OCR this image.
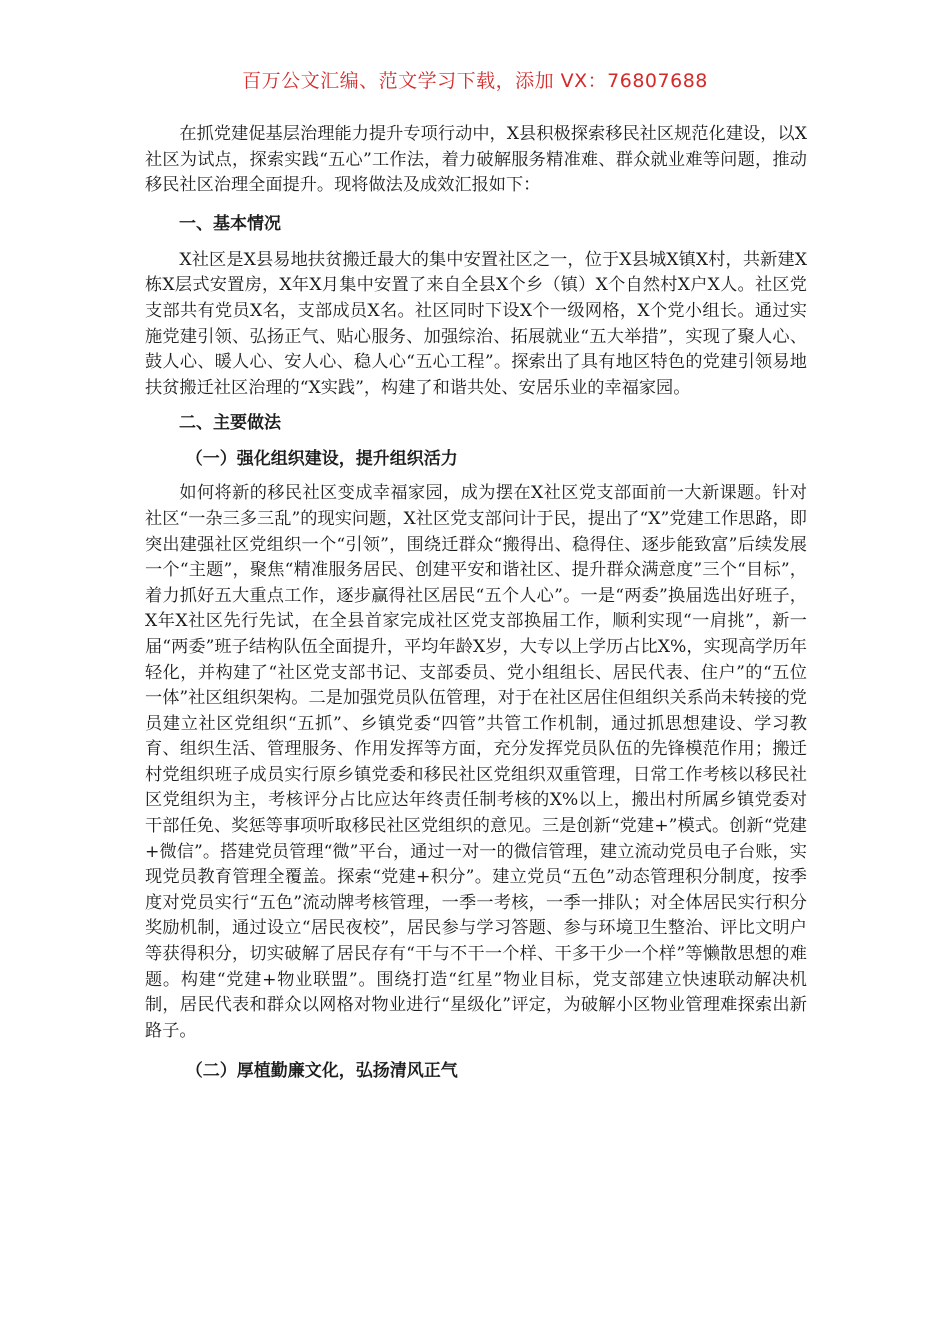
百万公文汇编、范文学习下载，添加 VX：76807688

在抓党建促基层治理能力提升专项行动中，X县积极探索移民社区规范化建设，以X社区为试点，探索实践“五心”工作法，着力破解服务精准难、群众就业难等问题，推动移民社区治理全面提升。现将做法及成效汇报如下：

一、基本情况

X社区是X县易地扶贫搬迁最大的集中安置社区之一，位于X县城X镇X村，共新建X栋X层式安置房，X年X月集中安置了来自全县X个乡（镇）X个自然村X户X人。社区党支部共有党员X名，支部成员X名。社区同时下设X个一级网格，X个党小组长。通过实施党建引领、弘扬正气、贴心服务、加强综治、拓展就业“五大举措”，实现了聚人心、鼓人心、暖人心、安人心、稳人心“五心工程”。探索出了具有地区特色的党建引领易地扶贫搬迁社区治理的“X实践”，构建了和谐共处、安居乐业的幸福家园。

二、主要做法

（一）强化组织建设，提升组织活力

如何将新的移民社区变成幸福家园，成为摆在X社区党支部面前一大新课题。针对社区“一杂三多三乱”的现实问题，X社区党支部问计于民，提出了“X”党建工作思路，即突出建强社区党组织一个“引领”，围绕迁群众“搬得出、稳得住、逐步能致富”后续发展一个“主题”，聚焦“精准服务居民、创建平安和谐社区、提升群众满意度”三个“目标”，着力抓好五大重点工作，逐步赢得社区居民“五个人心”。一是“两委”换届选出好班子，X年X社区先行先试，在全县首家完成社区党支部换届工作，顺利实现“一肩挑”，新一届“两委”班子结构队伍全面提升，平均年龄X岁，大专以上学历占比X%，实现高学历年轻化，并构建了“社区党支部书记、支部委员、党小组组长、居民代表、住户”的“五位一体”社区组织架构。二是加强党员队伍管理，对于在社区居住但组织关系尚未转接的党员建立社区党组织“五抓”、乡镇党委“四管”共管工作机制，通过抓思想建设、学习教育、组织生活、管理服务、作用发挥等方面，充分发挥党员队伍的先锋模范作用；搬迁村党组织班子成员实行原乡镇党委和移民社区党组织双重管理，日常工作考核以移民社区党组织为主，考核评分占比应达年终责任制考核的X%以上，搬出村所属乡镇党委对干部任免、奖惩等事项听取移民社区党组织的意见。三是创新“党建+”模式。创新“党建+微信”。搭建党员管理“微”平台，通过一对一的微信管理，建立流动党员电子台账，实现党员教育管理全覆盖。探索“党建+积分”。建立党员“五色”动态管理积分制度，按季度对党员实行“五色”流动牌考核管理，一季一考核，一季一排队；对全体居民实行积分奖励机制，通过设立“居民夜校”，居民参与学习答题、参与环境卫生整治、评比文明户等获得积分，切实破解了居民存有“干与不干一个样、干多干少一个样”等懒散思想的难题。构建“党建+物业联盟”。围绕打造“红星”物业目标，党支部建立快速联动解决机制，居民代表和群众以网格对物业进行“星级化”评定，为破解小区物业管理难探索出新路子。

（二）厚植勤廉文化，弘扬清风正气
